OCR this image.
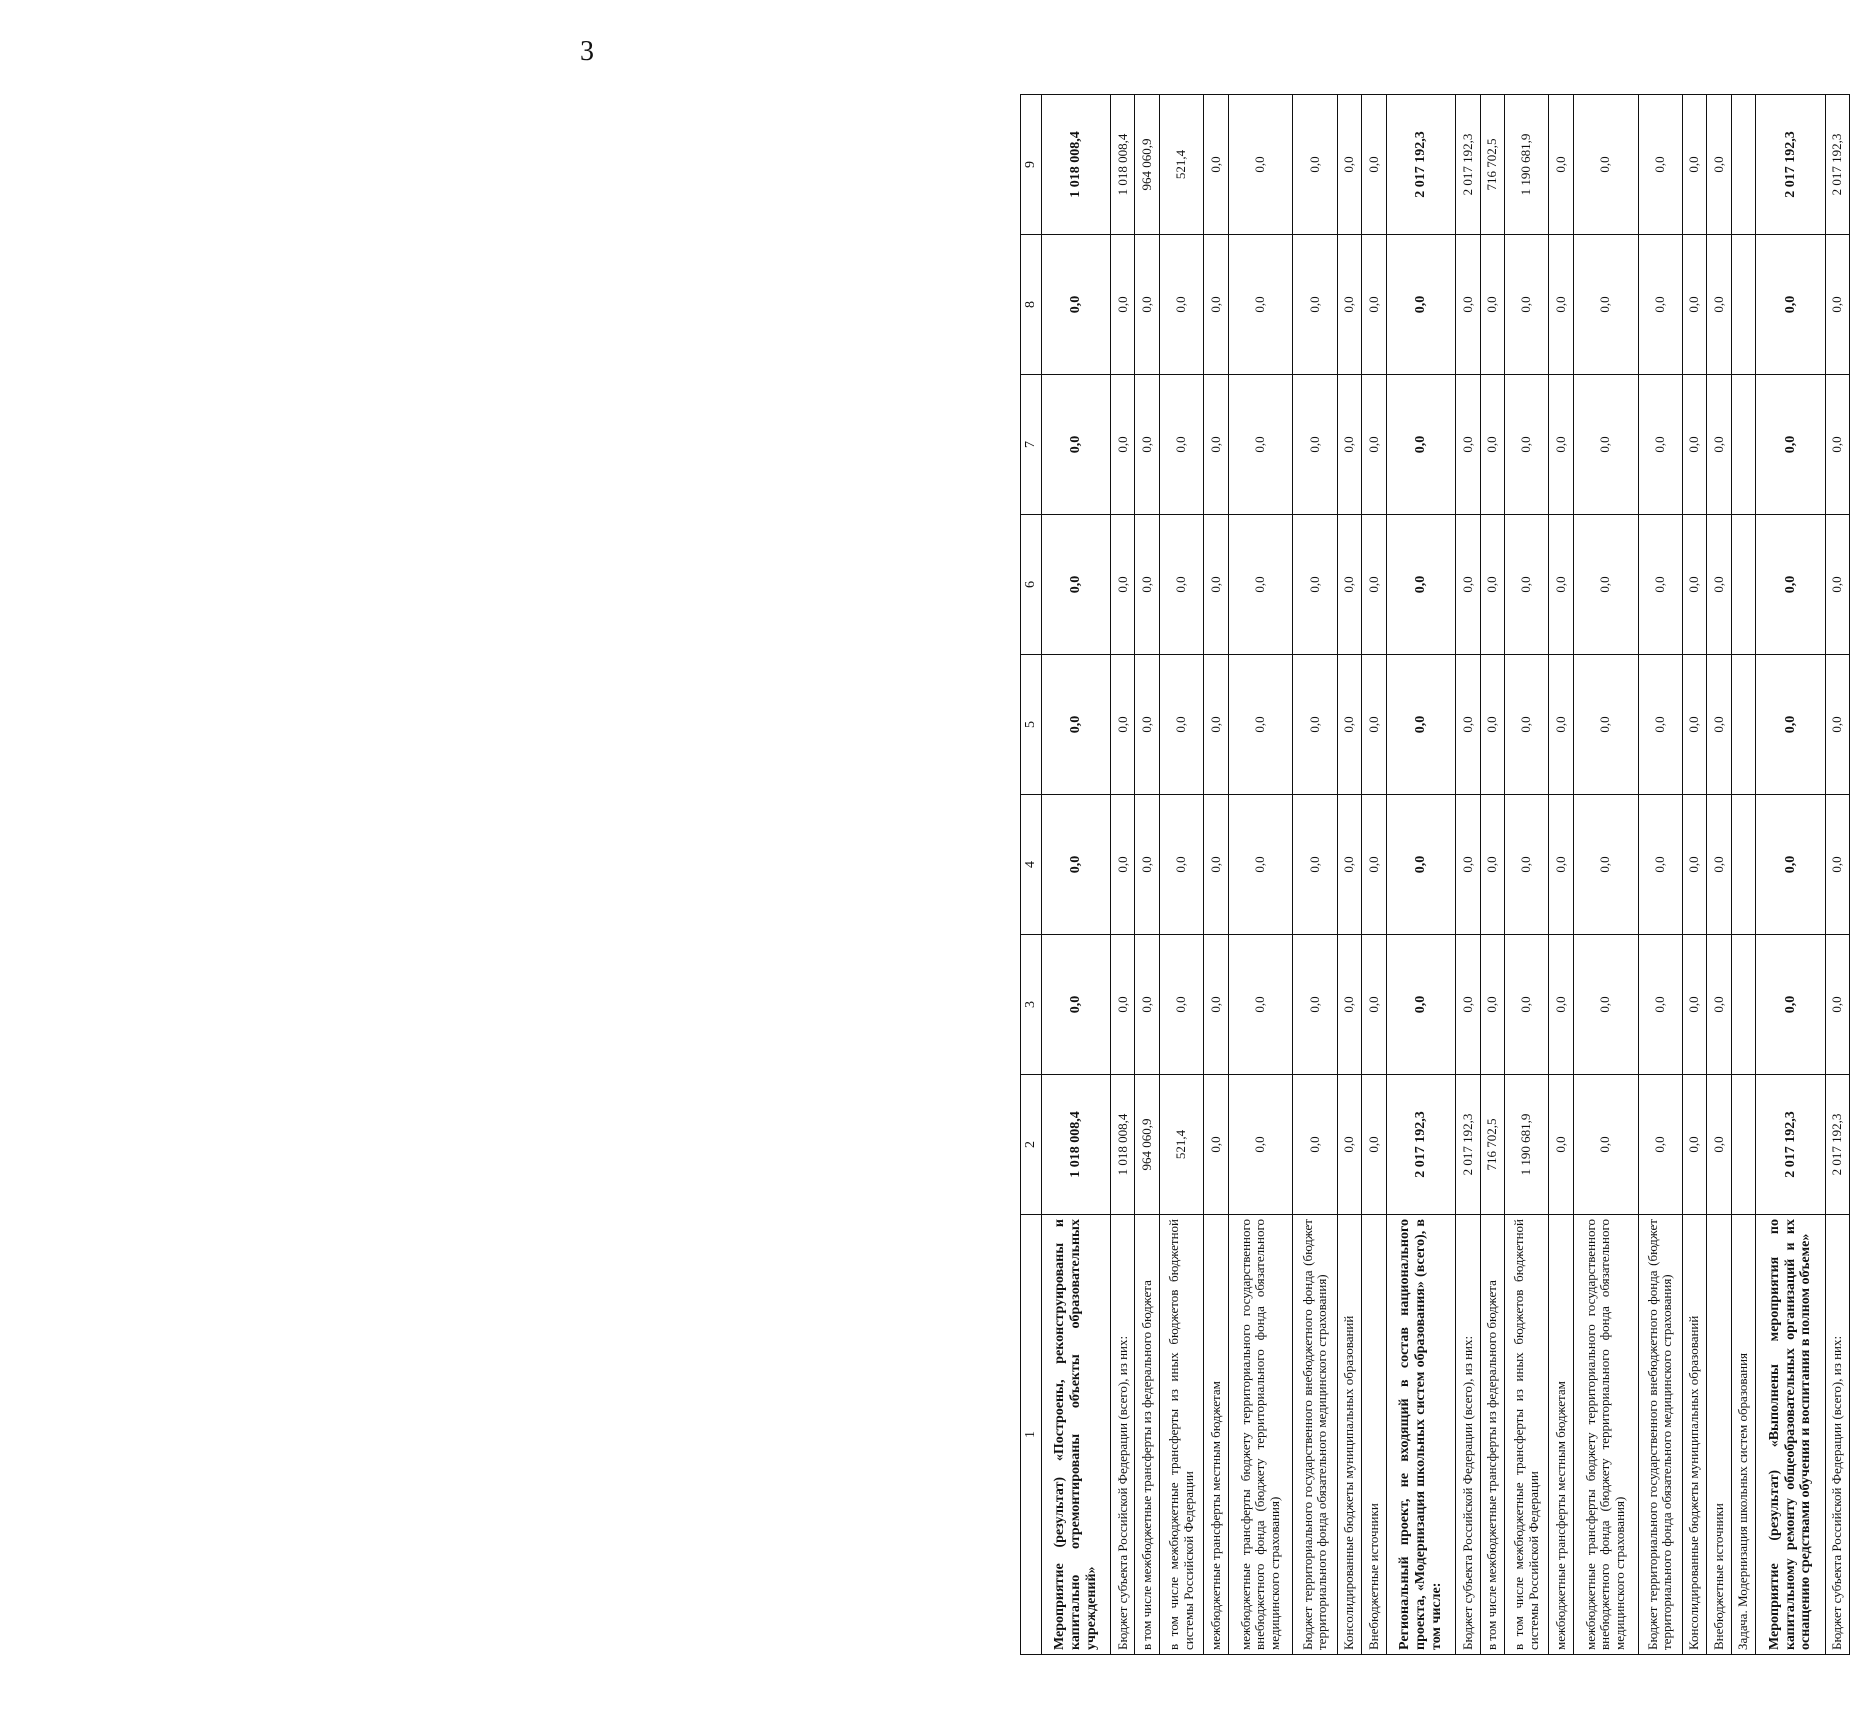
3
1	2	3	4	5	6	7	8	9
Мероприятие (результат) «Построены, реконструированы и капитально отремонтированы объекты образовательных учреждений»	1 018 008,4	0,0	0,0	0,0	0,0	0,0	0,0	1 018 008,4
Бюджет субъекта Российской Федерации (всего), из них:	1 018 008,4	0,0	0,0	0,0	0,0	0,0	0,0	1 018 008,4
в том числе межбюджетные трансферты из федерального бюджета	964 060,9	0,0	0,0	0,0	0,0	0,0	0,0	964 060,9
в том числе межбюджетные трансферты из иных бюджетов бюджетной системы Российской Федерации	521,4	0,0	0,0	0,0	0,0	0,0	0,0	521,4
межбюджетные трансферты местным бюджетам	0,0	0,0	0,0	0,0	0,0	0,0	0,0	0,0
межбюджетные трансферты бюджету территориального государственного внебюджетного фонда (бюджету территориального фонда обязательного медицинского страхования)	0,0	0,0	0,0	0,0	0,0	0,0	0,0	0,0
Бюджет территориального государственного внебюджетного фонда (бюджет территориального фонда обязательного медицинского страхования)	0,0	0,0	0,0	0,0	0,0	0,0	0,0	0,0
Консолидированные бюджеты муниципальных образований	0,0	0,0	0,0	0,0	0,0	0,0	0,0	0,0
Внебюджетные источники	0,0	0,0	0,0	0,0	0,0	0,0	0,0	0,0
Региональный проект, не входящий в состав национального проекта, «Модернизация школьных систем образования» (всего), в том числе:	2 017 192,3	0,0	0,0	0,0	0,0	0,0	0,0	2 017 192,3
Бюджет субъекта Российской Федерации (всего), из них:	2 017 192,3	0,0	0,0	0,0	0,0	0,0	0,0	2 017 192,3
в том числе межбюджетные трансферты из федерального бюджета	716 702,5	0,0	0,0	0,0	0,0	0,0	0,0	716 702,5
в том числе межбюджетные трансферты из иных бюджетов бюджетной системы Российской Федерации	1 190 681,9	0,0	0,0	0,0	0,0	0,0	0,0	1 190 681,9
межбюджетные трансферты местным бюджетам	0,0	0,0	0,0	0,0	0,0	0,0	0,0	0,0
межбюджетные трансферты бюджету территориального государственного внебюджетного фонда (бюджету территориального фонда обязательного медицинского страхования)	0,0	0,0	0,0	0,0	0,0	0,0	0,0	0,0
Бюджет территориального государственного внебюджетного фонда (бюджет территориального фонда обязательного медицинского страхования)	0,0	0,0	0,0	0,0	0,0	0,0	0,0	0,0
Консолидированные бюджеты муниципальных образований	0,0	0,0	0,0	0,0	0,0	0,0	0,0	0,0
Внебюджетные источники	0,0	0,0	0,0	0,0	0,0	0,0	0,0	0,0
Задача. Модернизация школьных систем образования								
Мероприятие (результат) «Выполнены мероприятия по капитальному ремонту общеобразовательных организаций и их оснащению средствами обучения и воспитания в полном объеме»	2 017 192,3	0,0	0,0	0,0	0,0	0,0	0,0	2 017 192,3
Бюджет субъекта Российской Федерации (всего), из них:	2 017 192,3	0,0	0,0	0,0	0,0	0,0	0,0	2 017 192,3
